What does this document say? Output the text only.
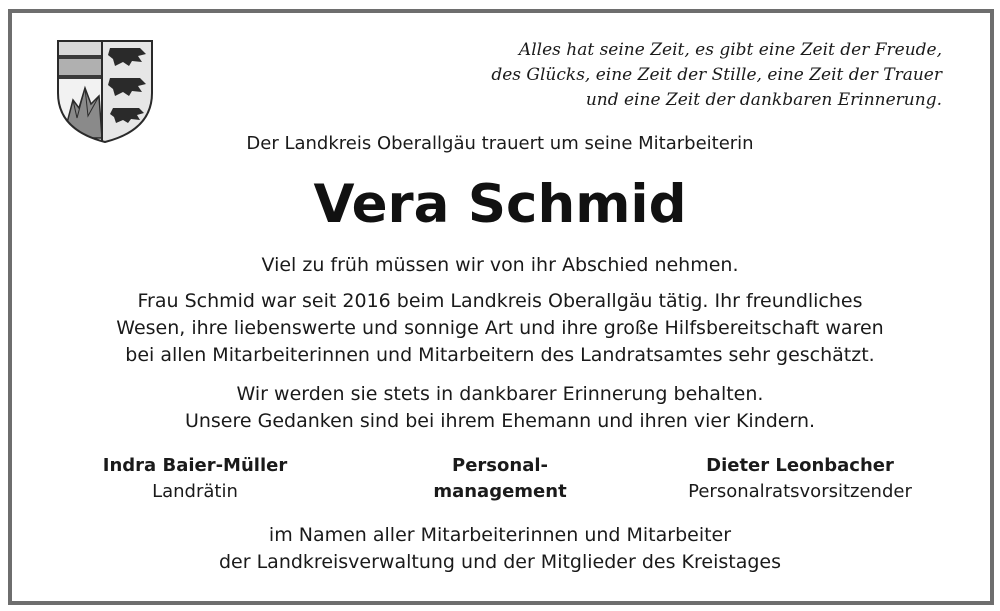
Alles hat seine Zeit, es gibt eine Zeit der Freude,
des Glücks, eine Zeit der Stille, eine Zeit der Trauer
und eine Zeit der dankbaren Erinnerung.
Der Landkreis Oberallgäu trauert um seine Mitarbeiterin
Vera Schmid
Viel zu früh müssen wir von ihr Abschied nehmen.
Frau Schmid war seit 2016 beim Landkreis Oberallgäu tätig. Ihr freundliches
Wesen, ihre liebenswerte und sonnige Art und ihre große Hilfsbereitschaft waren
bei allen Mitarbeiterinnen und Mitarbeitern des Landratsamtes sehr geschätzt.
Wir werden sie stets in dankbarer Erinnerung behalten.
Unsere Gedanken sind bei ihrem Ehemann und ihren vier Kindern.
Indra Baier-Müller
Landrätin
Personal-
management
Dieter Leonbacher
Personalratsvorsitzender
im Namen aller Mitarbeiterinnen und Mitarbeiter
der Landkreisverwaltung und der Mitglieder des Kreistages
